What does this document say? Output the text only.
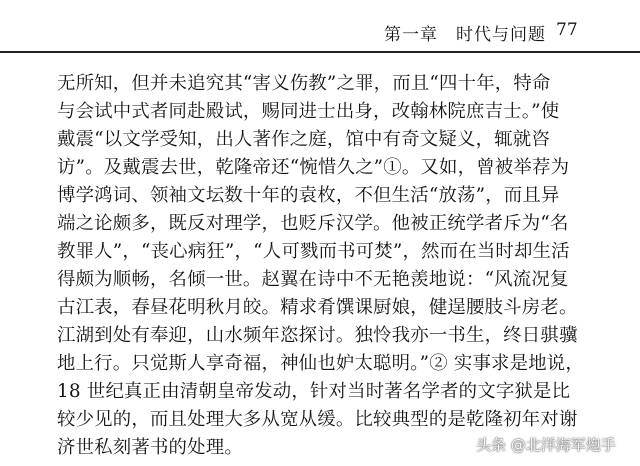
第一章　时代与问题 77
无所知，但并未追究其“害义伤教”之罪，而且“四十年，特命
与会试中式者同赴殿试，赐同进士出身，改翰林院庶吉士。”使
戴震“以文学受知，出人著作之庭，馆中有奇文疑义，辄就咨
访”。及戴震去世，乾隆帝还“惋惜久之”①。又如，曾被举荐为
博学鸿词、领袖文坛数十年的袁枚，不但生活“放荡”，而且异
端之论颇多，既反对理学，也贬斥汉学。他被正统学者斥为“名
教罪人”，“丧心病狂”，“人可戮而书可焚”，然而在当时却生活
得颇为顺畅，名倾一世。赵翼在诗中不无艳羡地说：“风流况复
古江表，春昼花明秋月皎。精求肴馔课厨娘，健逞腰肢斗房老。
江湖到处有奉迎，山水频年恣探讨。独怜我亦一书生，终日骐骥
地上行。只觉斯人享奇福，神仙也妒太聪明。”② 实事求是地说，
18 世纪真正由清朝皇帝发动，针对当时著名学者的文字狱是比
较少见的，而且处理大多从宽从缓。比较典型的是乾隆初年对谢
济世私刻著书的处理。	头条 @北洋海军炮手
